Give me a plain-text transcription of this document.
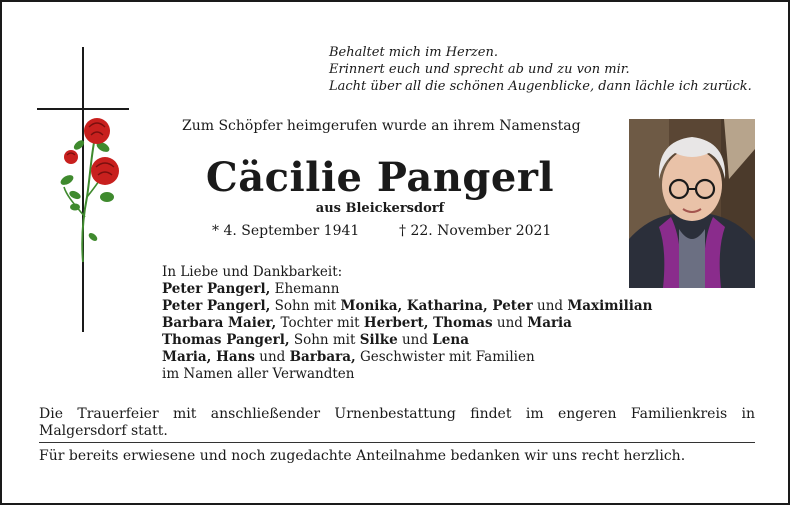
Behaltet mich im Herzen.
Erinnert euch und sprecht ab und zu von mir.
Lacht über all die schönen Augenblicke, dann lächle ich zurück.
Zum Schöpfer heimgerufen wurde an ihrem Namenstag
Cäcilie Pangerl
aus Bleickersdorf
* 4. September 1941	† 22. November 2021
In Liebe und Dankbarkeit:
Peter Pangerl, Ehemann
Peter Pangerl, Sohn mit Monika, Katharina, Peter und Maximilian
Barbara Maier, Tochter mit Herbert, Thomas und Maria
Thomas Pangerl, Sohn mit Silke und Lena
Maria, Hans und Barbara, Geschwister mit Familien
im Namen aller Verwandten
Die Trauerfeier mit anschließender Urnenbestattung findet im engeren Familienkreis in Malgersdorf statt.
Für bereits erwiesene und noch zugedachte Anteilnahme bedanken wir uns recht herzlich.
